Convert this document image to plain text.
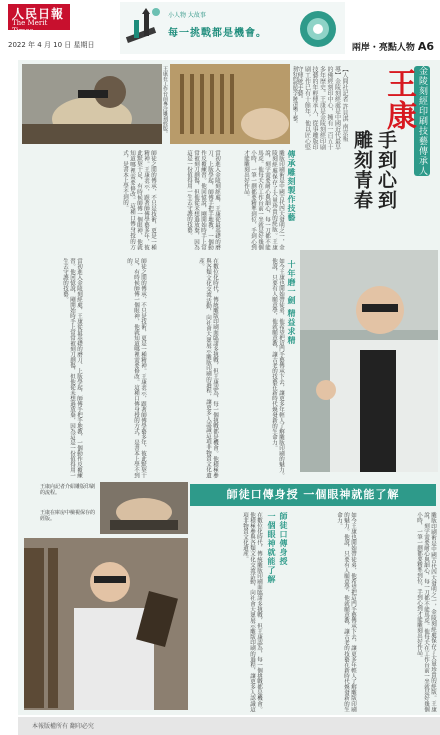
人民日報
The Merit Times
2022 年 4 月 10 日 星期日
小人物 大故事
每一挑戰都是機會。
兩岸・亮點人物 A6
王康在工作台前專注雕刻經版。	刻好的經版字跡清晰工整。	【人間社記者 許貝淇 南京報導】金陵刻經處是中國近代最早的佛經刻印中心，擁有一百五十多年歷史。王康是金陵刻經印刷技藝的年輕傳承人，從事雕版印刷工作已有十餘年，他以匠心堅守傳統手藝。	金陵刻經印刷技藝傳承人
王康
手到心到
雕刻青春
傳承雕刻製作技藝
雕版印刷術是中國古代四大發明之一，金陵刻經處保存了大量珍貴的經版。王康說，刻字需要耐心與細心，每一刀都不能馬虎。他每天在工作台前一坐就是好幾個小時，一筆一劃都要精準到位，手到心到才能雕刻出好作品。
當初進入金陵刻經處，王康從最基礎的磨刀、上版學起，師傅手把手地教，一個動作反覆練習。他回憶說，剛開始時手上常常被刻刀劃傷，但他從未想過放棄，因為這是一份值得用一生去守護的技藝。
師徒之間的傳承，不只是技術，更是一種精神。王康表示，跟著師傅學藝多年，彼此默契十足，有時候師傅一個眼神，他就知道哪裡需要修改。這種口傳身授的方式，是書本上學不到的。
十年磨一劍 精益求精
如今王康也開始帶徒弟，他希望把這門手藝傳承下去，讓更多年輕人了解雕版印刷的魅力。他說，只要有人願意學，他就願意教，讓古老的技藝在新時代煥發新的生命力。
在數位化時代，傳統雕版印刷面臨諸多挑戰，但王康認為，每一個挑戰都是機會。他積極參與各類文化交流活動，向社會大眾展示雕版印刷的過程，讓更多人認識這項非物質文化遺產。
師徒之間的傳承，不只是技術，更是一種精神。王康表示，跟著師傅學藝多年，彼此默契十足，有時候師傅一個眼神，他就知道哪裡需要修改。這種口傳身授的方式，是書本上學不到的。
當初進入金陵刻經處，王康從最基礎的磨刀、上版學起，師傅手把手地教，一個動作反覆練習。他回憶說，剛開始時手上常常被刻刀劃傷，但他從未想過放棄，因為這是一份值得用一生去守護的技藝。
師徒口傳身授 一個眼神就能了解
王康向記者介紹雕版印刷的流程。
王康在庫房中檢視保存的經版。	師徒口傳身授
一個眼神就能了解	雕版印刷術是中國古代四大發明之一，金陵刻經處保存了大量珍貴的經版。王康說，刻字需要耐心與細心，每一刀都不能馬虎。他每天在工作台前一坐就是好幾個小時，一筆一劃都要精準到位，手到心到才能雕刻出好作品。
如今王康也開始帶徒弟，他希望把這門手藝傳承下去，讓更多年輕人了解雕版印刷的魅力。他說，只要有人願意學，他就願意教，讓古老的技藝在新時代煥發新的生命力。
在數位化時代，傳統雕版印刷面臨諸多挑戰，但王康認為，每一個挑戰都是機會。他積極參與各類文化交流活動，向社會大眾展示雕版印刷的過程，讓更多人認識這項非物質文化遺產。
本報版權所有 翻印必究
